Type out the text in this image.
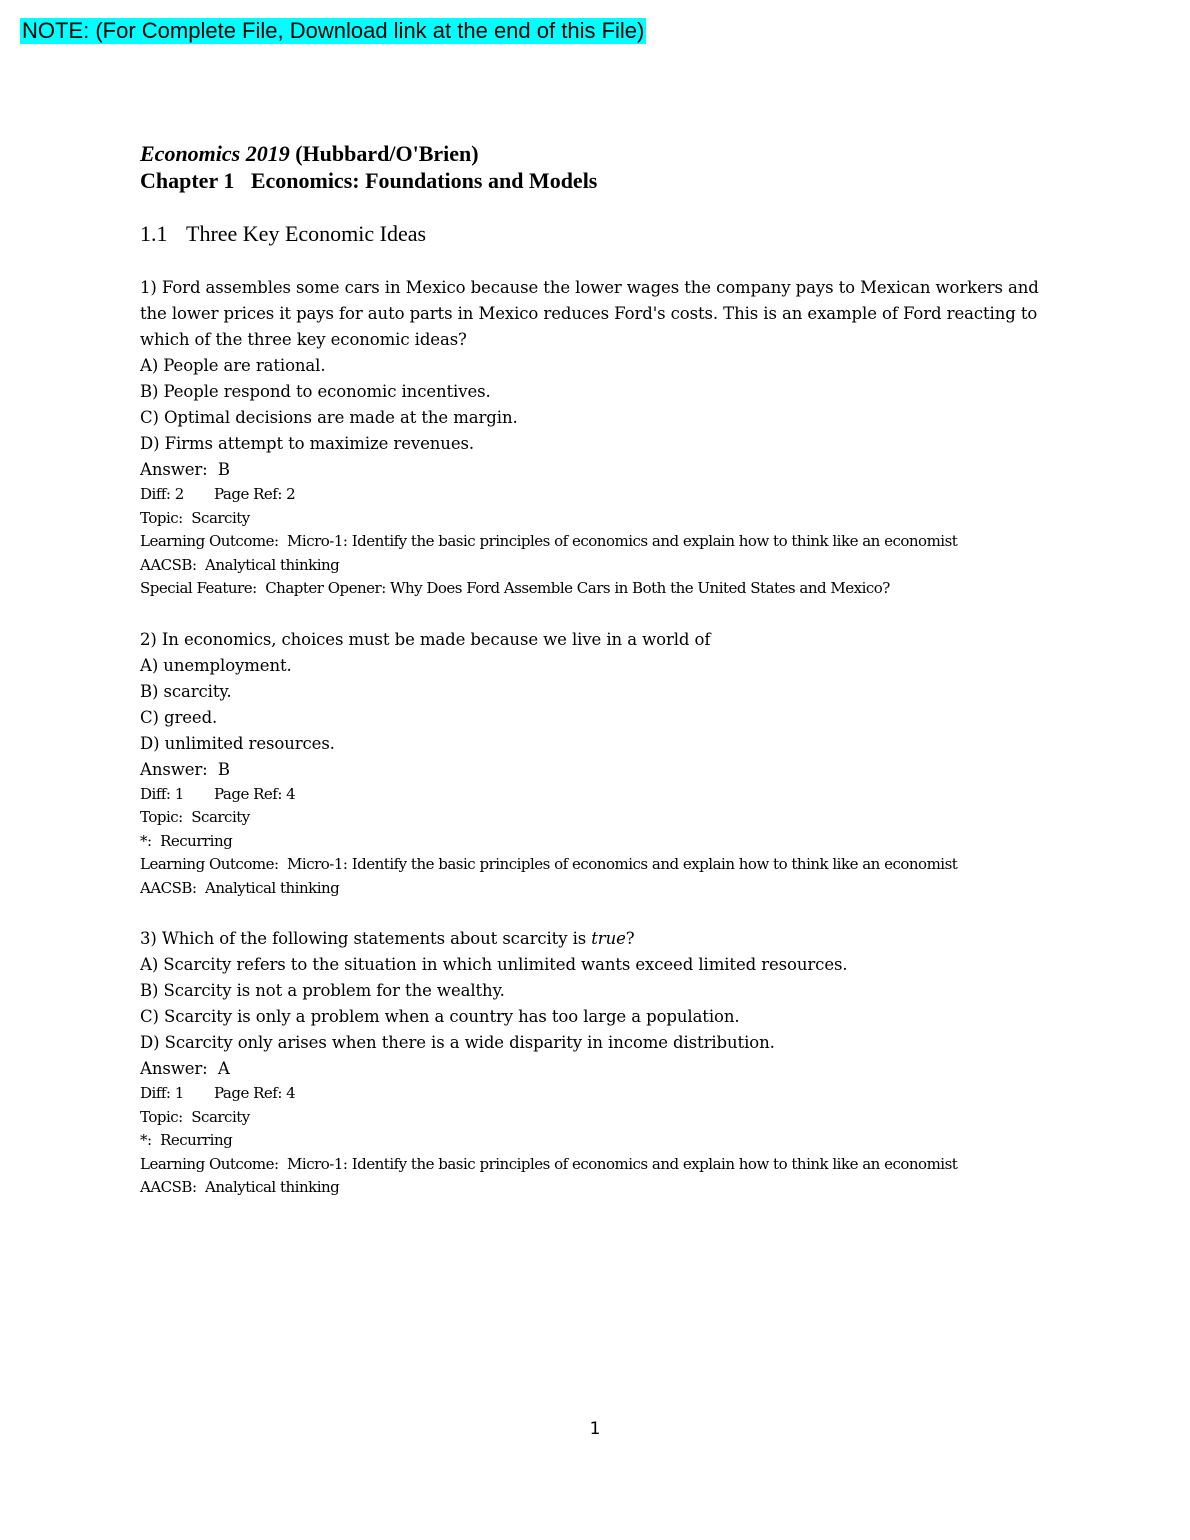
NOTE: (For Complete File, Download link at the end of this File)
Economics 2019 (Hubbard/O'Brien)
Chapter 1   Economics: Foundations and Models
1.1 Three Key Economic Ideas
1) Ford assembles some cars in Mexico because the lower wages the company pays to Mexican workers and the lower prices it pays for auto parts in Mexico reduces Ford's costs. This is an example of Ford reacting to which of the three key economic ideas?
A) People are rational.
B) People respond to economic incentives.
C) Optimal decisions are made at the margin.
D) Firms attempt to maximize revenues.
Answer:  B
Diff: 2 Page Ref: 2
Topic:  Scarcity
Learning Outcome:  Micro-1: Identify the basic principles of economics and explain how to think like an economist
AACSB:  Analytical thinking
Special Feature:  Chapter Opener: Why Does Ford Assemble Cars in Both the United States and Mexico?
2) In economics, choices must be made because we live in a world of
A) unemployment.
B) scarcity.
C) greed.
D) unlimited resources.
Answer:  B
Diff: 1 Page Ref: 4
Topic:  Scarcity
*:  Recurring
Learning Outcome:  Micro-1: Identify the basic principles of economics and explain how to think like an economist
AACSB:  Analytical thinking
3) Which of the following statements about scarcity is true?
A) Scarcity refers to the situation in which unlimited wants exceed limited resources.
B) Scarcity is not a problem for the wealthy.
C) Scarcity is only a problem when a country has too large a population.
D) Scarcity only arises when there is a wide disparity in income distribution.
Answer:  A
Diff: 1 Page Ref: 4
Topic:  Scarcity
*:  Recurring
Learning Outcome:  Micro-1: Identify the basic principles of economics and explain how to think like an economist
AACSB:  Analytical thinking
1
